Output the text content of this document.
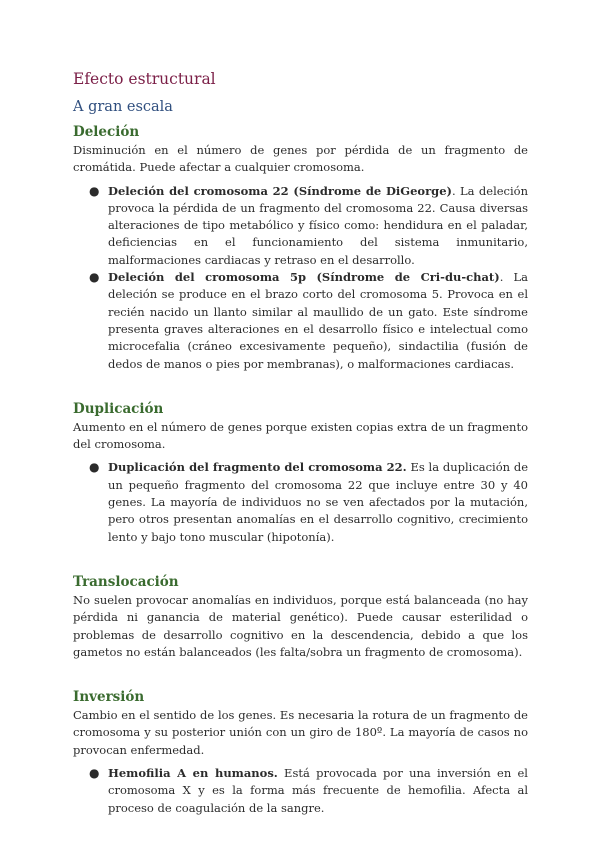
Efecto estructural
A gran escala
Deleción

Disminución en el número de genes por pérdida de un fragmento de cromátida. Puede afectar a cualquier cromosoma.

● Deleción del cromosoma 22 (Síndrome de DiGeorge). La deleción provoca la pérdida de un fragmento del cromosoma 22. Causa diversas alteraciones de tipo metabólico y físico como: hendidura en el paladar, deficiencias en el funcionamiento del sistema inmunitario, malformaciones cardiacas y retraso en el desarrollo.
● Deleción del cromosoma 5p (Síndrome de Cri-du-chat). La deleción se produce en el brazo corto del cromosoma 5. Provoca en el recién nacido un llanto similar al maullido de un gato. Este síndrome presenta graves alteraciones en el desarrollo físico e intelectual como microcefalia (cráneo excesivamente pequeño), sindactilia (fusión de dedos de manos o pies por membranas), o malformaciones cardiacas.
Duplicación

Aumento en el número de genes porque existen copias extra de un fragmento del cromosoma.

● Duplicación del fragmento del cromosoma 22. Es la duplicación de un pequeño fragmento del cromosoma 22 que incluye entre 30 y 40 genes. La mayoría de individuos no se ven afectados por la mutación, pero otros presentan anomalías en el desarrollo cognitivo, crecimiento lento y bajo tono muscular (hipotonía).
Translocación

No suelen provocar anomalías en individuos, porque está balanceada (no hay pérdida ni ganancia de material genético). Puede causar esterilidad o problemas de desarrollo cognitivo en la descendencia, debido a que los gametos no están balanceados (les falta/sobra un fragmento de cromosoma).

Inversión

Cambio en el sentido de los genes. Es necesaria la rotura de un fragmento de cromosoma y su posterior unión con un giro de 180º. La mayoría de casos no provocan enfermedad.

● Hemofilia A en humanos. Está provocada por una inversión en el cromosoma X y es la forma más frecuente de hemofilia. Afecta al proceso de coagulación de la sangre.
